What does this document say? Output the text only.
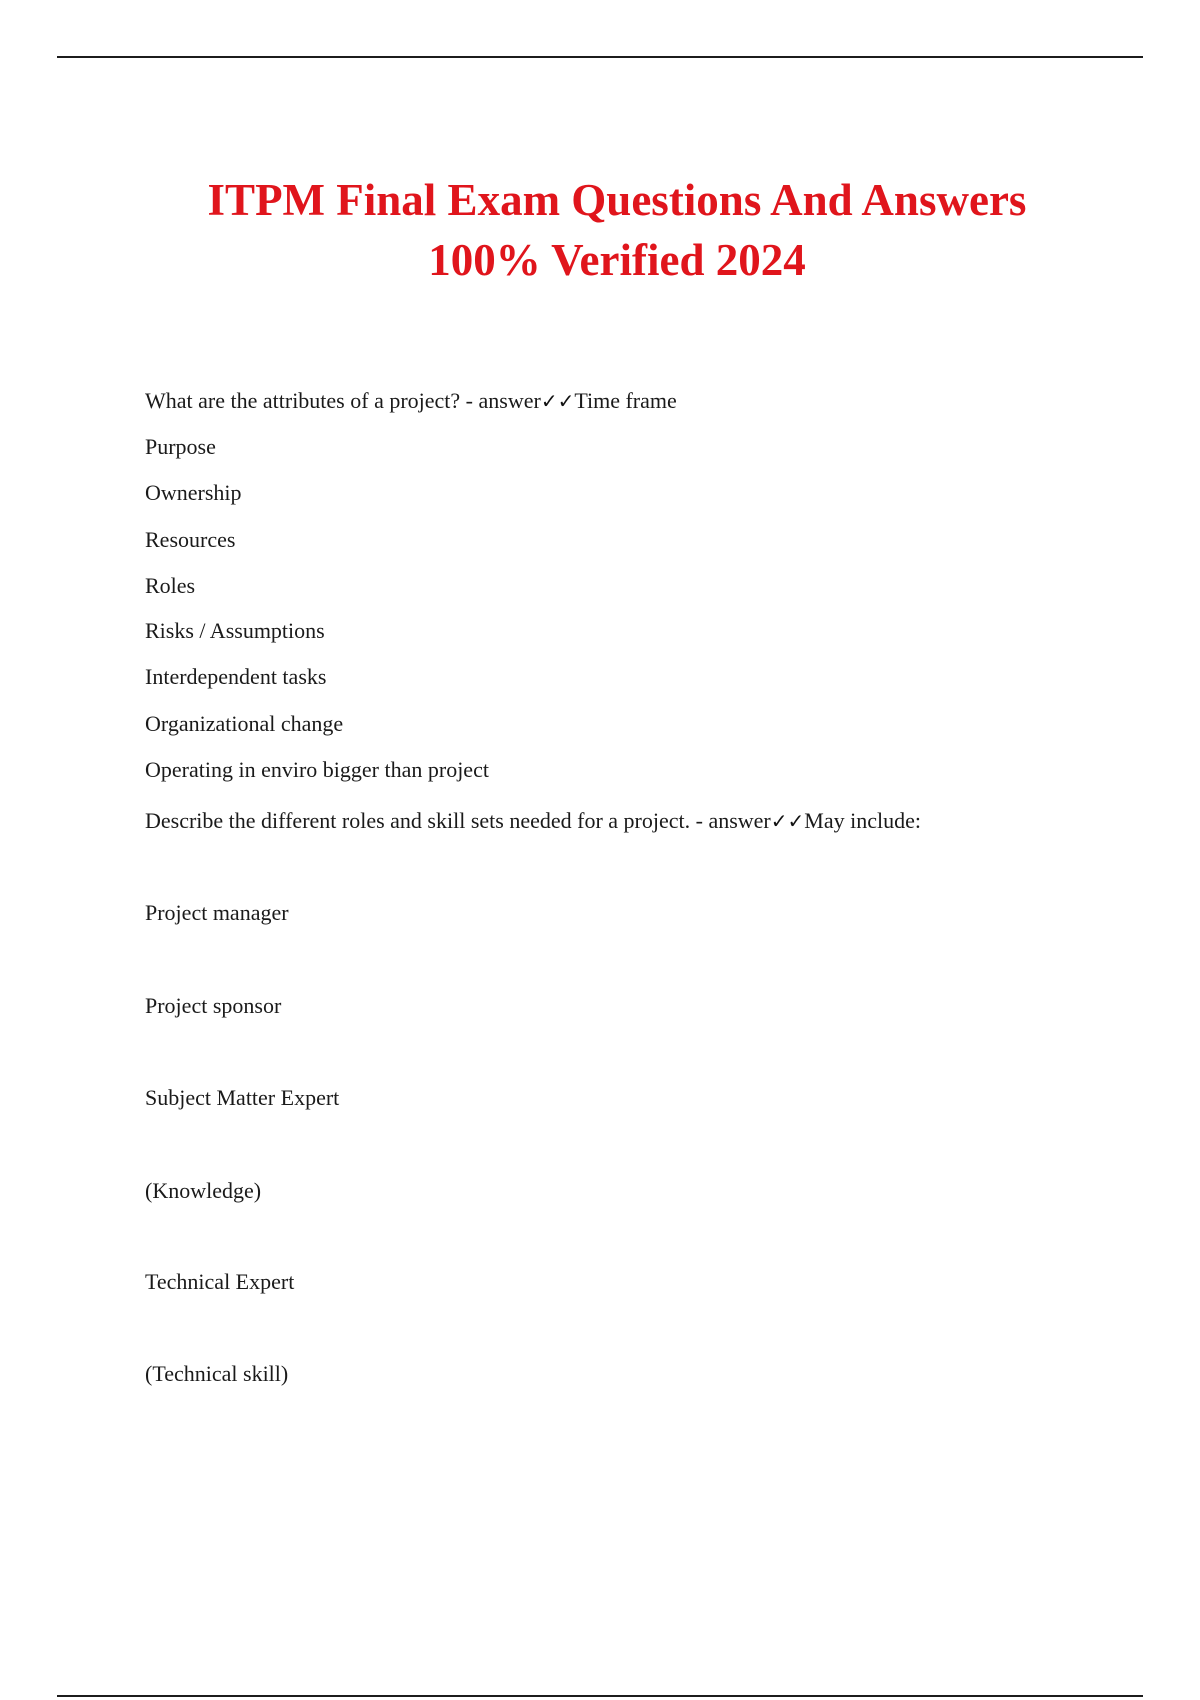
ITPM Final Exam Questions And Answers
100% Verified 2024
What are the attributes of a project? - answer✓✓Time frame
Purpose
Ownership
Resources
Roles
Risks / Assumptions
Interdependent tasks
Organizational change
Operating in enviro bigger than project
Describe the different roles and skill sets needed for a project. - answer✓✓May include:
Project manager
Project sponsor
Subject Matter Expert
(Knowledge)
Technical Expert
(Technical skill)
